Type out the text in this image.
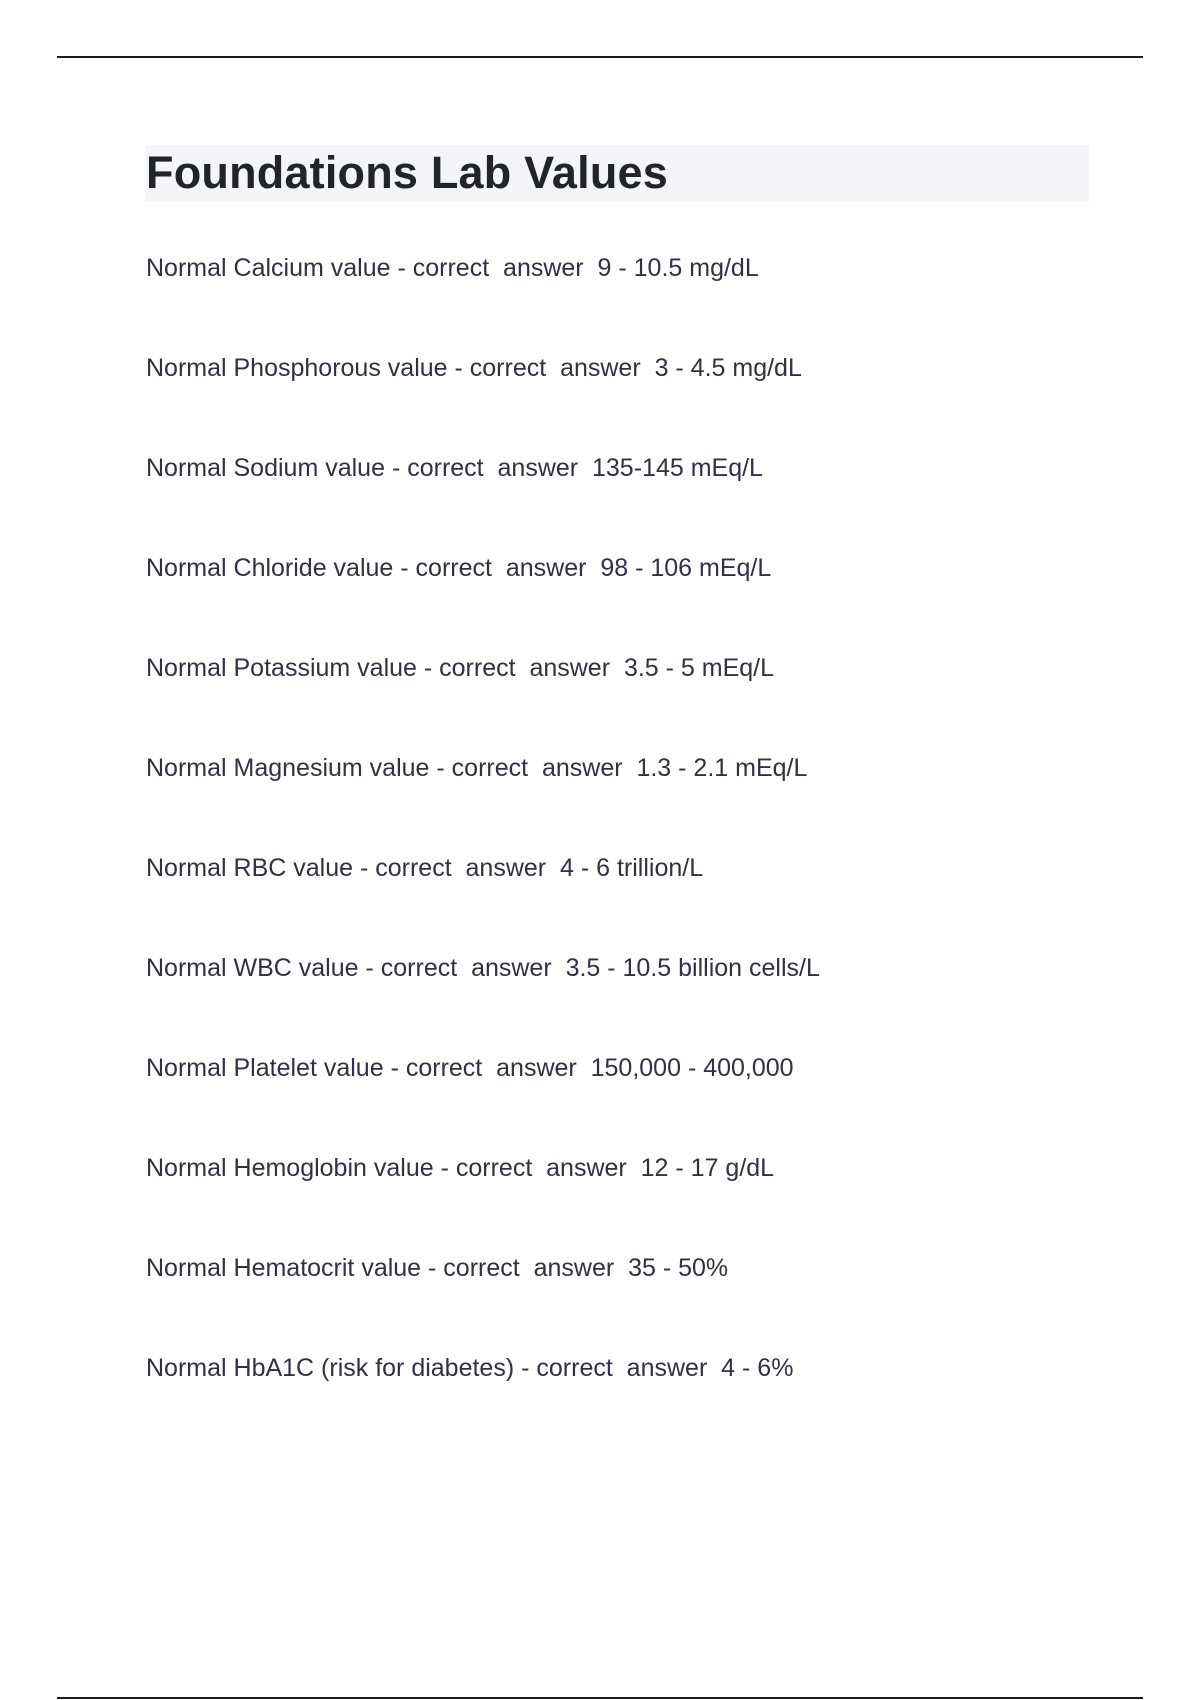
Foundations Lab Values
Normal Calcium value - correct  answer  9 - 10.5 mg/dL
Normal Phosphorous value - correct  answer  3 - 4.5 mg/dL
Normal Sodium value - correct  answer  135-145 mEq/L
Normal Chloride value - correct  answer  98 - 106 mEq/L
Normal Potassium value - correct  answer  3.5 - 5 mEq/L
Normal Magnesium value - correct  answer  1.3 - 2.1 mEq/L
Normal RBC value - correct  answer  4 - 6 trillion/L
Normal WBC value - correct  answer  3.5 - 10.5 billion cells/L
Normal Platelet value - correct  answer  150,000 - 400,000
Normal Hemoglobin value - correct  answer  12 - 17 g/dL
Normal Hematocrit value - correct  answer  35 - 50%
Normal HbA1C (risk for diabetes) - correct  answer  4 - 6%
